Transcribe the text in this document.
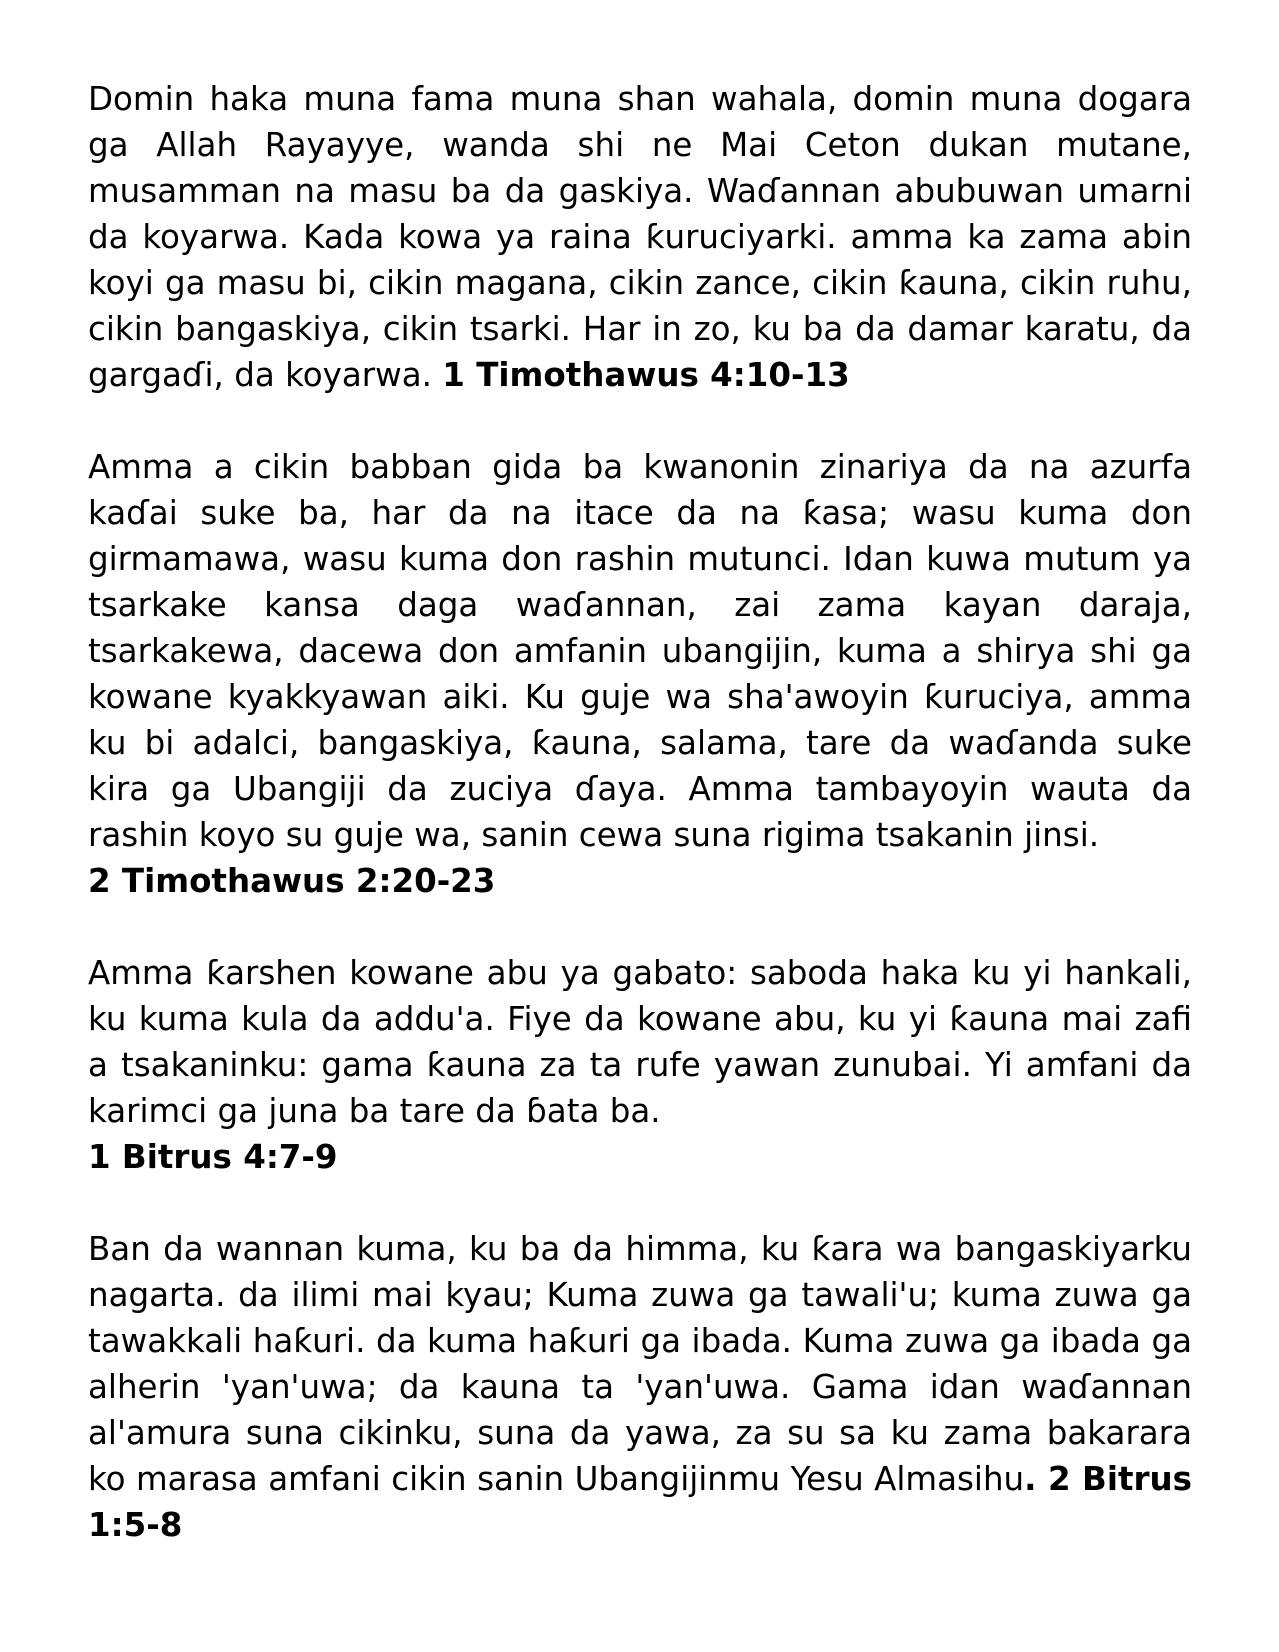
Domin haka muna fama muna shan wahala, domin muna dogara ga Allah Rayayye, wanda shi ne Mai Ceton dukan mutane, musamman na masu ba da gaskiya. Waɗannan abubuwan umarni da koyarwa. Kada kowa ya raina ƙuruciyarki. amma ka zama abin koyi ga masu bi, cikin magana, cikin zance, cikin ƙauna, cikin ruhu, cikin bangaskiya, cikin tsarki. Har in zo, ku ba da damar karatu, da gargaɗi, da koyarwa. 1 Timothawus 4:10-13

Amma a cikin babban gida ba kwanonin zinariya da na azurfa kaɗai suke ba, har da na itace da na ƙasa; wasu kuma don girmamawa, wasu kuma don rashin mutunci. Idan kuwa mutum ya tsarkake kansa daga waɗannan, zai zama kayan daraja, tsarkakewa, dacewa don amfanin ubangijin, kuma a shirya shi ga kowane kyakkyawan aiki. Ku guje wa sha'awoyin ƙuruciya, amma ku bi adalci, bangaskiya, ƙauna, salama, tare da waɗanda suke kira ga Ubangiji da zuciya ɗaya. Amma tambayoyin wauta da rashin koyo su guje wa, sanin cewa suna rigima tsakanin jinsi.
2 Timothawus 2:20-23

Amma ƙarshen kowane abu ya gabato: saboda haka ku yi hankali, ku kuma kula da addu'a. Fiye da kowane abu, ku yi ƙauna mai zafi a tsakaninku: gama ƙauna za ta rufe yawan zunubai. Yi amfani da karimci ga juna ba tare da ɓata ba.
1 Bitrus 4:7-9

Ban da wannan kuma, ku ba da himma, ku ƙara wa bangaskiyarku nagarta. da ilimi mai kyau; Kuma zuwa ga tawali'u; kuma zuwa ga tawakkali haƙuri. da kuma haƙuri ga ibada. Kuma zuwa ga ibada ga alherin 'yan'uwa; da kauna ta 'yan'uwa. Gama idan waɗannan al'amura suna cikinku, suna da yawa, za su sa ku zama bakarara ko marasa amfani cikin sanin Ubangijinmu Yesu Almasihu. 2 Bitrus 1:5-8
